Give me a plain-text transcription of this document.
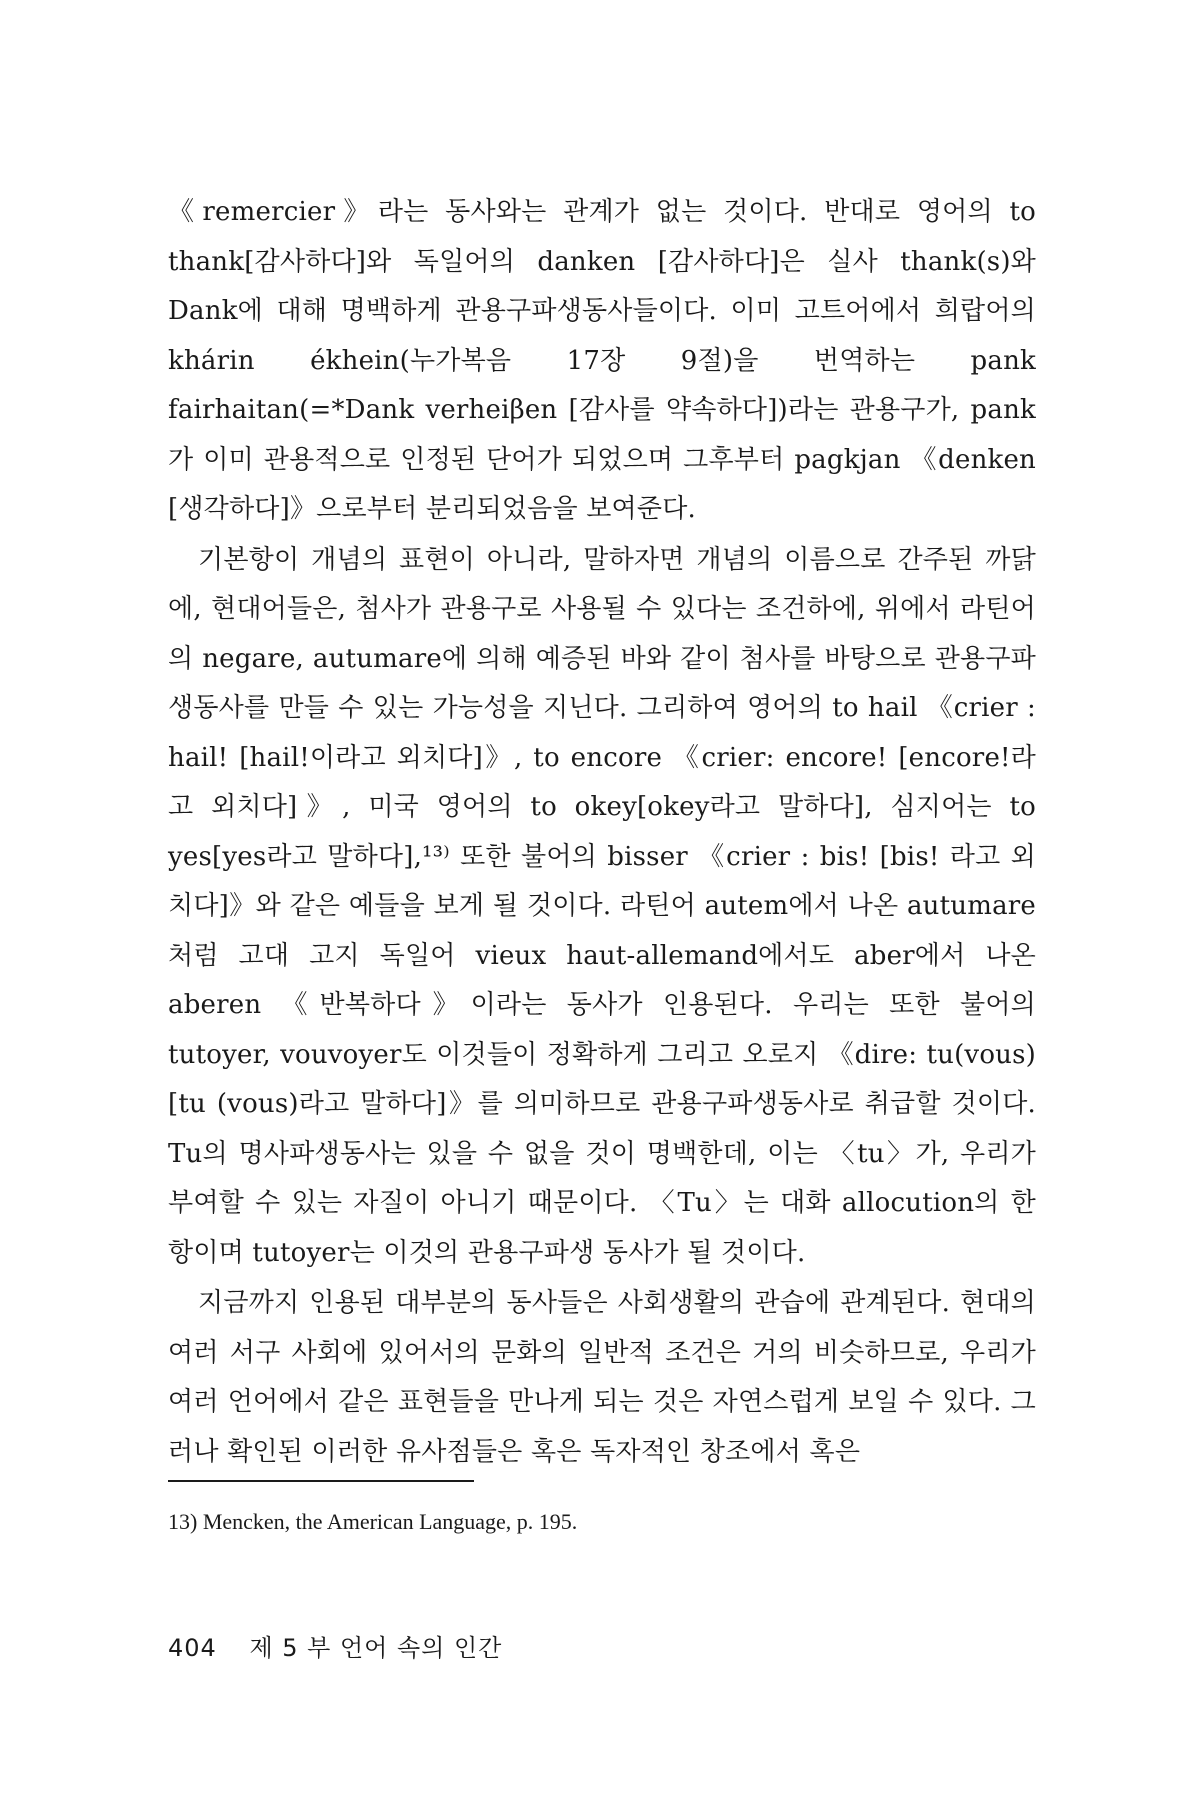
《remercier》라는 동사와는 관계가 없는 것이다. 반대로 영어의 to thank[감사하다]와 독일어의 danken [감사하다]은 실사 thank(s)와 Dank에 대해 명백하게 관용구파생동사들이다. 이미 고트어에서 희랍어의 khárin ékhein(누가복음 17장 9절)을 번역하는 pank fairhaitan(=*Dank verheiβen [감사를 약속하다])라는 관용구가, pank가 이미 관용적으로 인정된 단어가 되었으며 그후부터 pagkjan 《denken [생각하다]》으로부터 분리되었음을 보여준다.

기본항이 개념의 표현이 아니라, 말하자면 개념의 이름으로 간주된 까닭에, 현대어들은, 첨사가 관용구로 사용될 수 있다는 조건하에, 위에서 라틴어의 negare, autumare에 의해 예증된 바와 같이 첨사를 바탕으로 관용구파생동사를 만들 수 있는 가능성을 지닌다. 그리하여 영어의 to hail 《crier : hail! [hail!이라고 외치다]》, to encore 《crier: encore! [encore!라고 외치다]》, 미국 영어의 to okey[okey라고 말하다], 심지어는 to yes[yes라고 말하다],¹³⁾ 또한 불어의 bisser 《crier : bis! [bis! 라고 외치다]》와 같은 예들을 보게 될 것이다. 라틴어 autem에서 나온 autumare처럼 고대 고지 독일어 vieux haut-allemand에서도 aber에서 나온 aberen 《반복하다》이라는 동사가 인용된다. 우리는 또한 불어의 tutoyer, vouvoyer도 이것들이 정확하게 그리고 오로지 《dire: tu(vous) [tu (vous)라고 말하다]》를 의미하므로 관용구파생동사로 취급할 것이다. Tu의 명사파생동사는 있을 수 없을 것이 명백한데, 이는 〈tu〉가, 우리가 부여할 수 있는 자질이 아니기 때문이다. 〈Tu〉는 대화 allocution의 한 항이며 tutoyer는 이것의 관용구파생 동사가 될 것이다.

지금까지 인용된 대부분의 동사들은 사회생활의 관습에 관계된다. 현대의 여러 서구 사회에 있어서의 문화의 일반적 조건은 거의 비슷하므로, 우리가 여러 언어에서 같은 표현들을 만나게 되는 것은 자연스럽게 보일 수 있다. 그러나 확인된 이러한 유사점들은 혹은 독자적인 창조에서 혹은

13) Mencken, the American Language, p. 195.
404 제 5 부 언어 속의 인간
